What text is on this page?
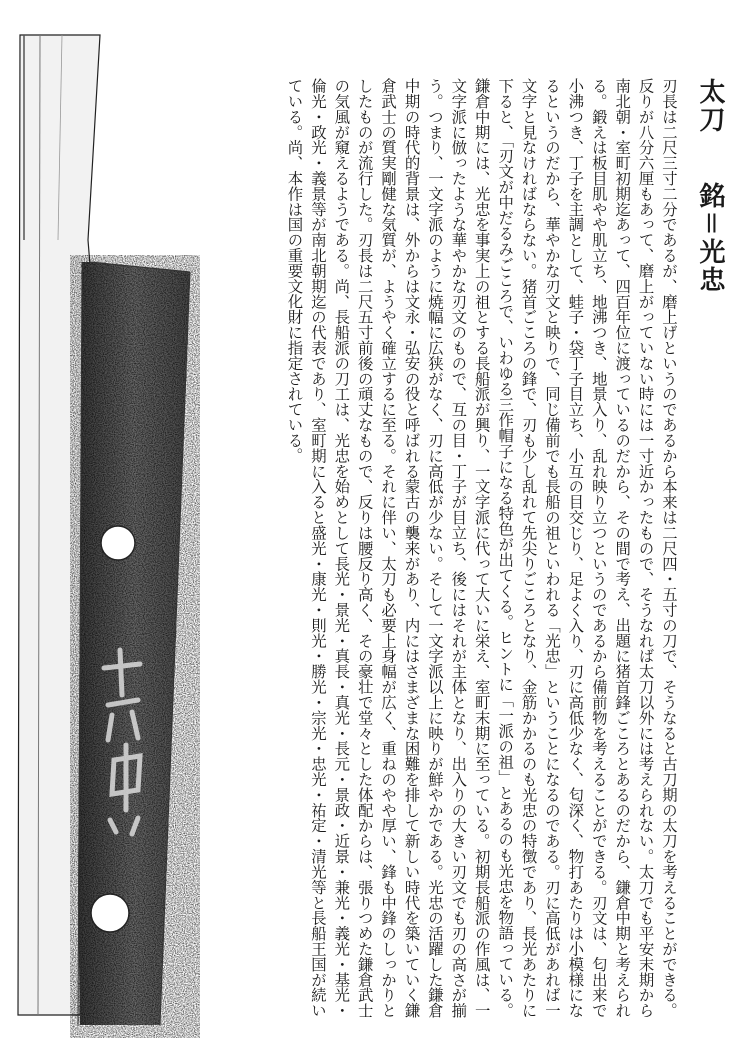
太刀銘＝光忠

刃長は二尺三寸二分であるが、磨上げというのであるから本来は二尺四・五寸の刀で、そうなると古刀期の太刀を考えることができる。反りが八分六厘もあって、磨上がっていない時には一寸近かったもので、そうなれば太刀以外には考えられない。太刀でも平安末期から南北朝・室町初期迄あって、四百年位に渡っているのだから、その間で考え、出題に猪首鋒ごころとあるのだから、鎌倉中期と考えられる。鍛えは板目肌やや肌立ち、地沸つき、地景入り、乱れ映り立つというのであるから備前物を考えることができる。刃文は、匂出来で小沸つき、丁子を主調として、蛙子・袋丁子目立ち、小互の目交じり、足よく入り、刃に高低少なく、匂深く、物打あたりは小模様になるというのだから、華やかな刃文と映りで、同じ備前でも長船の祖といわれる「光忠」ということになるのである。刃に高低があれば一文字と見なければならない。猪首ごころの鋒で、刃も少し乱れて先尖りごころとなり、金筋かかるのも光忠の特徴であり、長光あたりに下ると、「刃文が中だるみごころで、いわゆる三作帽子になる特色が出てくる。ヒントに「一派の祖」とあるのも光忠を物語っている。鎌倉中期には、光忠を事実上の祖とする長船派が興り、一文字派に代って大いに栄え、室町末期に至っている。初期長船派の作風は、一文字派に倣ったような華やかな刃文のもので、互の目・丁子が目立ち、後にはそれが主体となり、出入りの大きい刃文でも刃の高さが揃う。つまり、一文字派のように焼幅に広狭がなく、刃に高低が少ない。そして一文字派以上に映りが鮮やかである。光忠の活躍した鎌倉中期の時代的背景は、外からは文永・弘安の役と呼ばれる蒙古の襲来があり、内にはさまざまな困難を排して新しい時代を築いていく鎌倉武士の質実剛健な気質が、ようやく確立するに至る。それに伴い、太刀も必要上身幅が広く、重ねのやや厚い、鋒も中鋒のしっかりとしたものが流行した。刃長は二尺五寸前後の頑丈なもので、反りは腰反り高く、その豪壮で堂々とした体配からは、張りつめた鎌倉武士の気風が窺えるようである。尚、長船派の刀工は、光忠を始めとして長光・景光・真長・真光・長元・景政・近景・兼光・義光・基光・倫光・政光・義景等が南北朝期迄の代表であり、室町期に入ると盛光・康光・則光・勝光・宗光・忠光・祐定・清光等と長船王国が続いている。尚、本作は国の重要文化財に指定されている。
